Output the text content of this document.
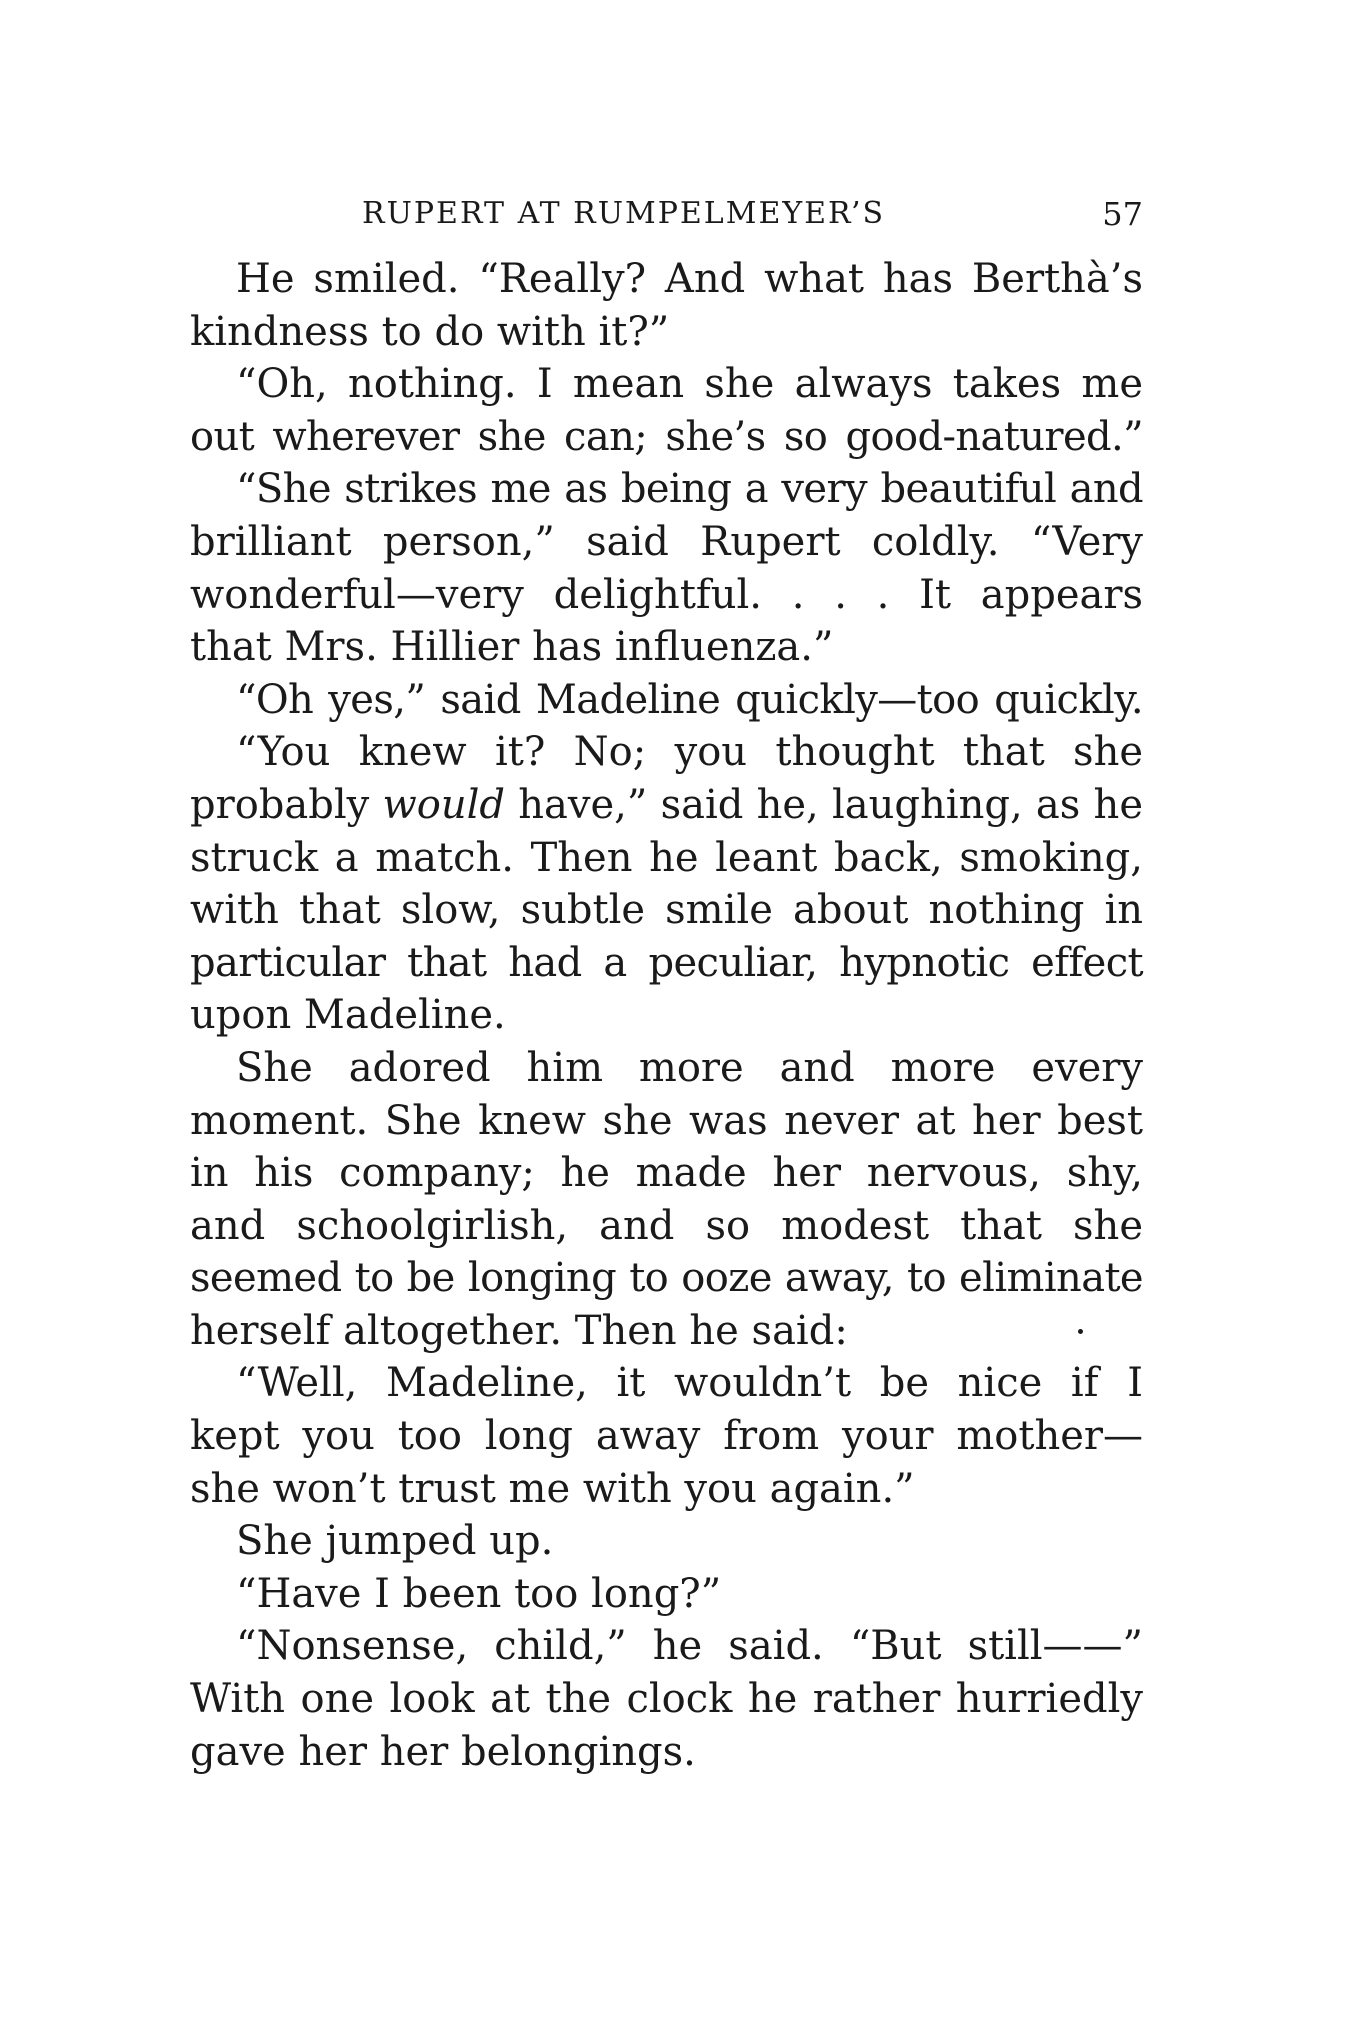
RUPERT AT RUMPELMEYER’S	57
He smiled. “Really? And what has Berthà’s
kindness to do with it?”
“Oh, nothing. I mean she always takes me
out wherever she can; she’s so good-natured.”
“She strikes me as being a very beautiful and
brilliant person,” said Rupert coldly. “Very
wonderful—very delightful. . . . It appears
that Mrs. Hillier has influenza.”
“Oh yes,” said Madeline quickly—too quickly.
“You knew it? No; you thought that she
probably would have,” said he, laughing, as he
struck a match. Then he leant back, smoking,
with that slow, subtle smile about nothing in
particular that had a peculiar, hypnotic effect
upon Madeline.
She adored him more and more every
moment. She knew she was never at her best
in his company; he made her nervous, shy,
and schoolgirlish, and so modest that she
seemed to be longing to ooze away, to eliminate
herself altogether. Then he said:
“Well, Madeline, it wouldn’t be nice if I
kept you too long away from your mother—
she won’t trust me with you again.”
She jumped up.
“Have I been too long?”
“Nonsense, child,” he said. “But still——”
With one look at the clock he rather hurriedly
gave her her belongings.
